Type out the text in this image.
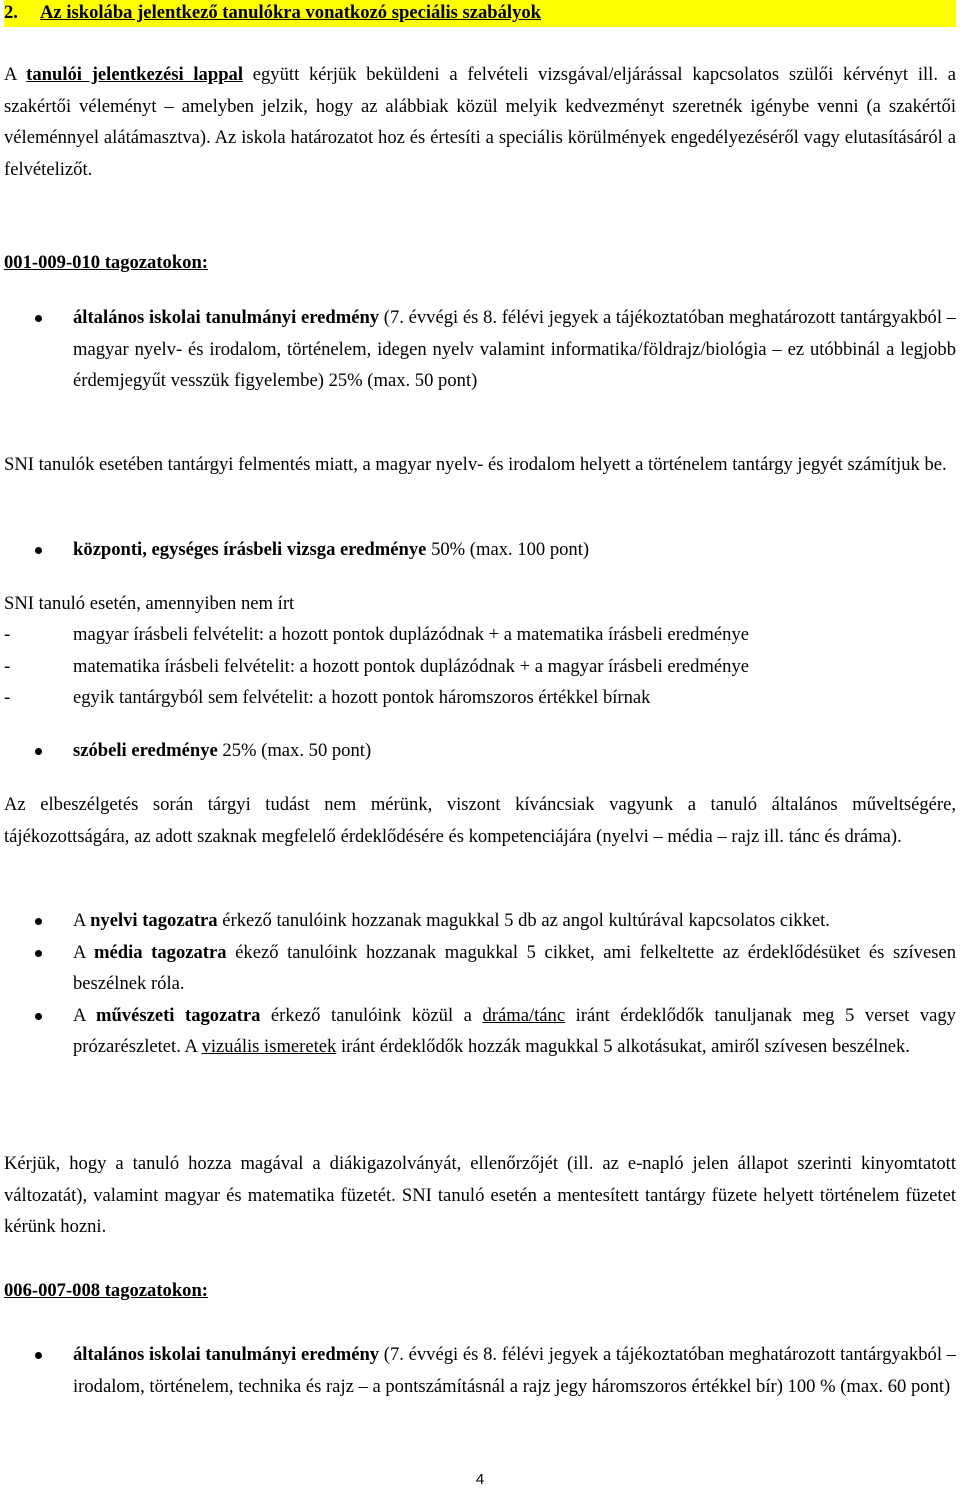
2. Az iskolába jelentkező tanulókra vonatkozó speciális szabályok

A tanulói jelentkezési lappal együtt kérjük beküldeni a felvételi vizsgával/eljárással kapcsolatos szülői kérvényt ill. a szakértői véleményt – amelyben jelzik, hogy az alábbiak közül melyik kedvezményt szeretnék igénybe venni (a szakértői véleménnyel alátámasztva). Az iskola határozatot hoz és értesíti a speciális körülmények engedélyezéséről vagy elutasításáról a felvételizőt.

001-009-010 tagozatokon:

általános iskolai tanulmányi eredmény (7. évvégi és 8. félévi jegyek a tájékoztatóban meghatározott tantárgyakból – magyar nyelv- és irodalom, történelem, idegen nyelv valamint informatika/földrajz/biológia – ez utóbbinál a legjobb érdemjegyűt vesszük figyelembe) 25% (max. 50 pont)

SNI tanulók esetében tantárgyi felmentés miatt, a magyar nyelv- és irodalom helyett a történelem tantárgy jegyét számítjuk be.

központi, egységes írásbeli vizsga eredménye 50% (max. 100 pont)

SNI tanuló esetén, amennyiben nem írt

-	magyar írásbeli felvételit: a hozott pontok duplázódnak + a matematika írásbeli eredménye
-	matematika írásbeli felvételit: a hozott pontok duplázódnak + a magyar írásbeli eredménye
-	egyik tantárgyból sem felvételit: a hozott pontok háromszoros értékkel bírnak
szóbeli eredménye 25% (max. 50 pont)

Az elbeszélgetés során tárgyi tudást nem mérünk, viszont kíváncsiak vagyunk a tanuló általános műveltségére, tájékozottságára, az adott szaknak megfelelő érdeklődésére és kompetenciájára (nyelvi – média – rajz ill. tánc és dráma).

A nyelvi tagozatra érkező tanulóink hozzanak magukkal 5 db az angol kultúrával kapcsolatos cikket.
A média tagozatra ékező tanulóink hozzanak magukkal 5 cikket, ami felkeltette az érdeklődésüket és szívesen beszélnek róla.
A művészeti tagozatra érkező tanulóink közül a dráma/tánc iránt érdeklődők tanuljanak meg 5 verset vagy prózarészletet. A vizuális ismeretek iránt érdeklődők hozzák magukkal 5 alkotásukat, amiről szívesen beszélnek.

Kérjük, hogy a tanuló hozza magával a diákigazolványát, ellenőrzőjét (ill. az e-napló jelen állapot szerinti kinyomtatott változatát), valamint magyar és matematika füzetét. SNI tanuló esetén a mentesített tantárgy füzete helyett történelem füzetet kérünk hozni.

006-007-008 tagozatokon:

általános iskolai tanulmányi eredmény (7. évvégi és 8. félévi jegyek a tájékoztatóban meghatározott tantárgyakból – irodalom, történelem, technika és rajz – a pontszámításnál a rajz jegy háromszoros értékkel bír) 100 % (max. 60 pont)
4
